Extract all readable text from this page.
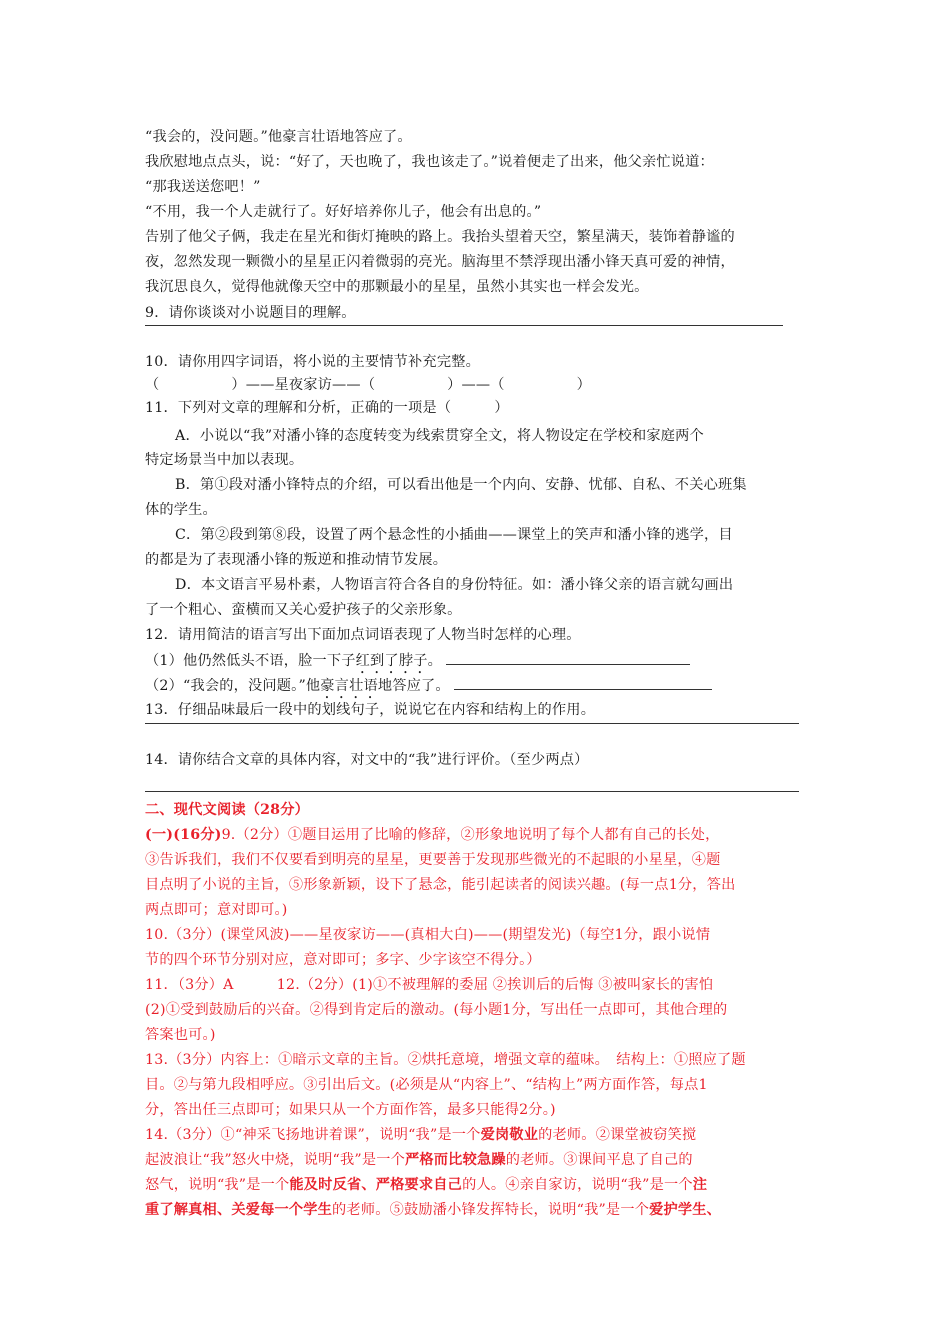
“我会的，没问题。”他豪言壮语地答应了。
我欣慰地点点头，说：“好了，天也晚了，我也该走了。”说着便走了出来，他父亲忙说道：
“那我送送您吧！”
“不用，我一个人走就行了。好好培养你儿子，他会有出息的。”
告别了他父子俩，我走在星光和街灯掩映的路上。我抬头望着天空，繁星满天，装饰着静谧的
夜，忽然发现一颗微小的星星正闪着微弱的亮光。脑海里不禁浮现出潘小锋天真可爱的神情，
我沉思良久，觉得他就像天空中的那颗最小的星星，虽然小其实也一样会发光。
9．请你谈谈对小说题目的理解。
10．请你用四字词语，将小说的主要情节补充完整。
（　　　　　）——星夜家访——（　　　　　）——（　　　　　）
11．下列对文章的理解和分析，正确的一项是（　　　）
A．小说以“我”对潘小锋的态度转变为线索贯穿全文，将人物设定在学校和家庭两个
特定场景当中加以表现。
B．第①段对潘小锋特点的介绍，可以看出他是一个内向、安静、忧郁、自私、不关心班集
体的学生。
C．第②段到第⑧段，设置了两个悬念性的小插曲——课堂上的笑声和潘小锋的逃学，目
的都是为了表现潘小锋的叛逆和推动情节发展。
D．本文语言平易朴素，人物语言符合各自的身份特征。如：潘小锋父亲的语言就勾画出
了一个粗心、蛮横而又关心爱护孩子的父亲形象。
12．请用简洁的语言写出下面加点词语表现了人物当时怎样的心理。
（1）他仍然低头不语，脸一下子红到了脖子。
（2）“我会的，没问题。”他豪言壮语地答应了。
13．仔细品味最后一段中的划线句子，说说它在内容和结构上的作用。
14．请你结合文章的具体内容，对文中的“我”进行评价。（至少两点）
二、现代文阅读（28分）
(一)(16分)9.（2分）①题目运用了比喻的修辞，②形象地说明了每个人都有自己的长处，
③告诉我们，我们不仅要看到明亮的星星，更要善于发现那些微光的不起眼的小星星，④题
目点明了小说的主旨，⑤形象新颖，设下了悬念，能引起读者的阅读兴趣。(每一点1分，答出
两点即可；意对即可。)
10.（3分）(课堂风波)——星夜家访——(真相大白)——(期望发光)（每空1分，跟小说情
节的四个环节分别对应，意对即可；多字、少字该空不得分。）
11．（3分）A　　　12.（2分）(1)①不被理解的委屈 ②挨训后的后悔 ③被叫家长的害怕
(2)①受到鼓励后的兴奋。②得到肯定后的激动。(每小题1分，写出任一点即可，其他合理的
答案也可。)
13.（3分）内容上：①暗示文章的主旨。②烘托意境，增强文章的蕴味。　结构上：①照应了题
目。②与第九段相呼应。③引出后文。(必须是从“内容上”、“结构上”两方面作答，每点1
分，答出任三点即可；如果只从一个方面作答，最多只能得2分。)
14.（3分）①“神采飞扬地讲着课”，说明“我”是一个爱岗敬业的老师。②课堂被窃笑搅
起波浪让“我”怒火中烧，说明“我”是一个严格而比较急躁的老师。③课间平息了自己的
怒气，说明“我”是一个能及时反省、严格要求自己的人。④亲自家访，说明“我”是一个注
重了解真相、关爱每一个学生的老师。⑤鼓励潘小锋发挥特长，说明“我”是一个爱护学生、
